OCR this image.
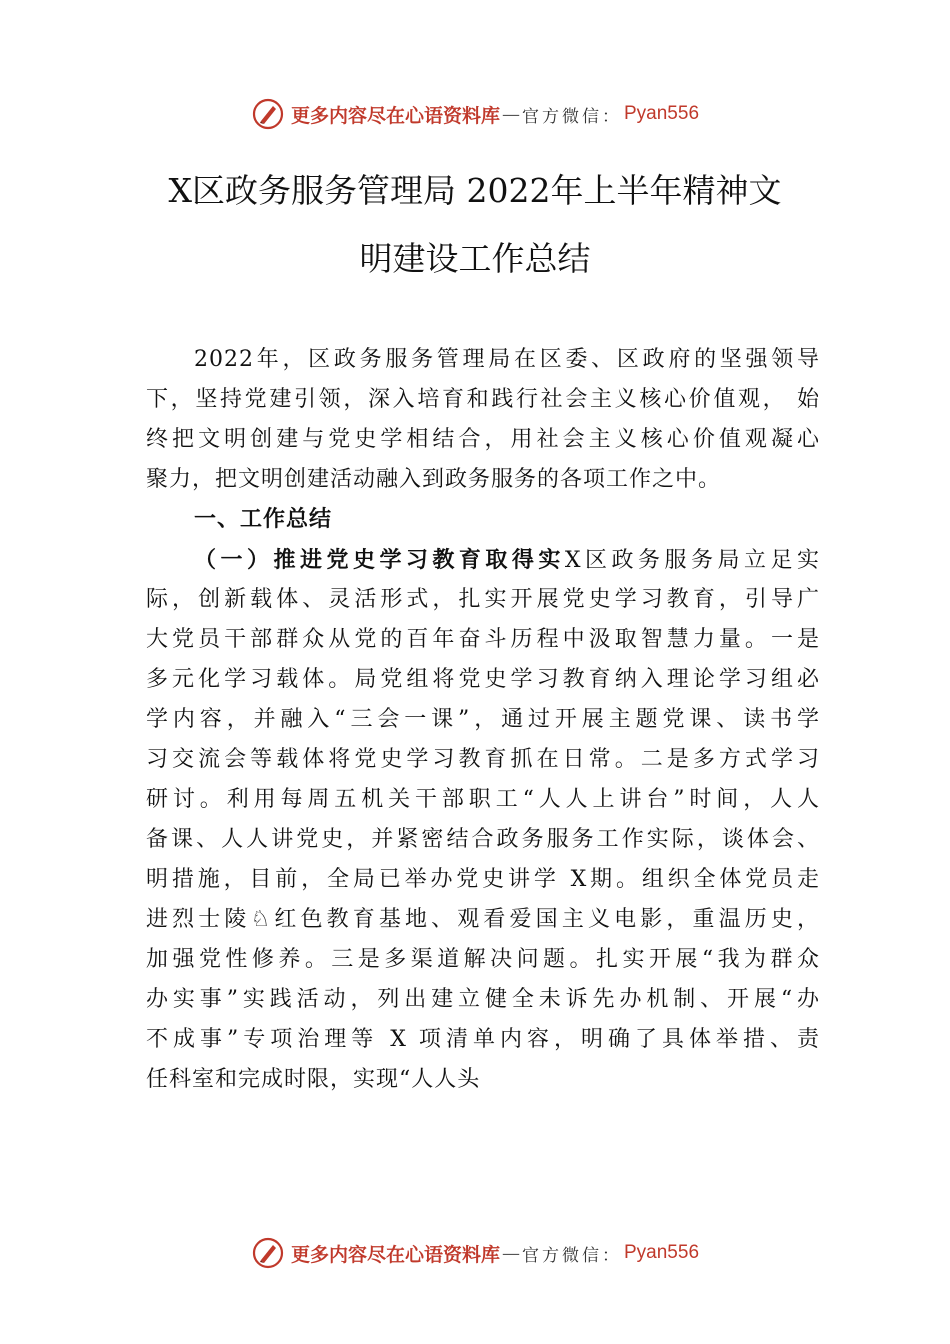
更多内容尽在心语资料库 — 官方微信： Pyan556
X区政务服务管理局 2022年上半年精神文
明建设工作总结
2022年，区政务服务管理局在区委、区政府的坚强领导
下，坚持党建引领，深入培育和践行社会主义核心价值观， 始
终把文明创建与党史学相结合，用社会主义核心价值观凝心
聚力，把文明创建活动融入到政务服务的各项工作之中。
一、工作总结
（一）推进党史学习教育取得实X区政务服务局立足实
际，创新载体、灵活形式，扎实开展党史学习教育，引导广
大党员干部群众从党的百年奋斗历程中汲取智慧力量。一是
多元化学习载体。局党组将党史学习教育纳入理论学习组必
学内容，并融入“三会一课”，通过开展主题党课、读书学
习交流会等载体将党史学习教育抓在日常。二是多方式学习
研讨。利用每周五机关干部职工“人人上讲台”时间，人人
备课、人人讲党史，并紧密结合政务服务工作实际，谈体会、
明措施，目前，全局已举办党史讲学 X期。组织全体党员走
进烈士陵♘红色教育基地、观看爱国主义电影，重温历史，
加强党性修养。三是多渠道解决问题。扎实开展“我为群众
办实事”实践活动，列出建立健全未诉先办机制、开展“办
不成事”专项治理等 X 项清单内容，明确了具体举措、责
任科室和完成时限，实现“人人头
更多内容尽在心语资料库 — 官方微信： Pyan556
